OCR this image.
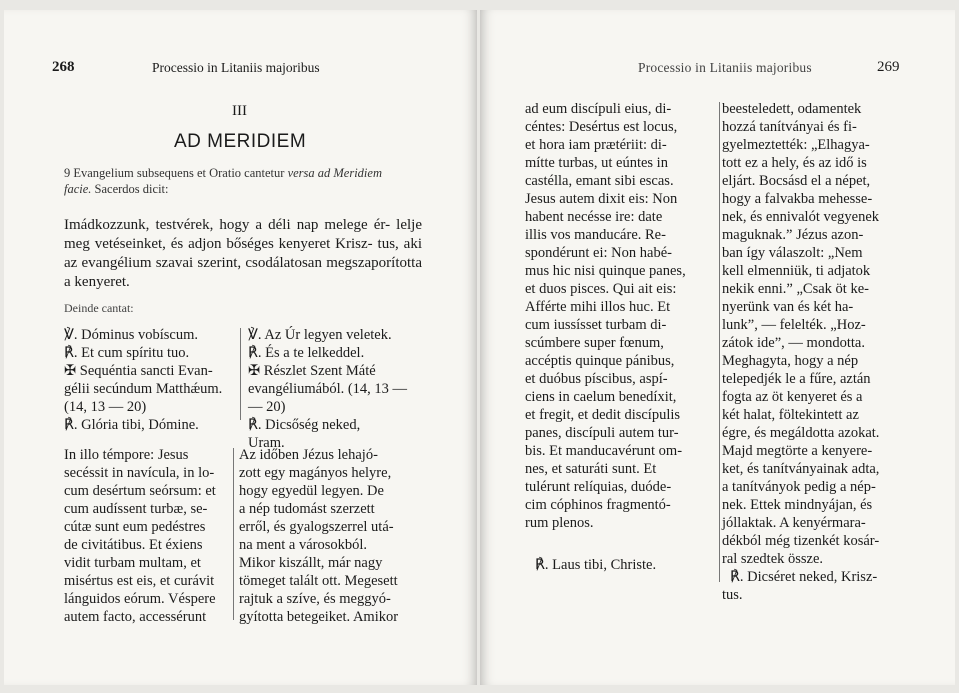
268	Processio in Litaniis majoribus
III
AD MERIDIEM
9 Evangelium subsequens et Oratio cantetur versa ad Meridiem
facie. Sacerdos dicit:
Imádkozzunk, testvérek, hogy a déli nap melege ér- lelje meg vetéseinket, és adjon bőséges kenyeret Krisz- tus, aki az evangélium szavai szerint, csodálatosan megszaporította a kenyeret.
Deinde cantat:
℣. Dóminus vobíscum.
℟. Et cum spíritu tuo.
✠ Sequéntia sancti Evan-
gélii secúndum Matthǽum.
(14, 13 — 20)
℟. Glória tibi, Dómine.
℣. Az Úr legyen veletek.
℟. És a te lelkeddel.
✠ Részlet Szent Máté
evangéliumából. (14, 13 —
— 20)
℟. Dicsőség neked,
Uram.
In illo témpore: Jesus
secéssit in navícula, in lo-
cum desértum seórsum: et
cum audíssent turbæ, se-
cútæ sunt eum pedéstres
de civitátibus. Et éxiens
vidit turbam multam, et
misértus est eis, et curávit
lánguidos eórum. Véspere
autem facto, accessérunt
Az időben Jézus lehajó-
zott egy magányos helyre,
hogy egyedül legyen. De
a nép tudomást szerzett
erről, és gyalogszerrel utá-
na ment a városokból.
Mikor kiszállt, már nagy
tömeget talált ott. Megesett
rajtuk a szíve, és meggyó-
gyította betegeiket. Amikor
Processio in Litaniis majoribus	269
ad eum discípuli eius, di-
céntes: Desértus est locus,
et hora iam prætériit: di-
míttе turbas, ut eúntes in
castélla, emant sibi escas.
Jesus autem dixit eis: Non
habent necésse ire: date
illis vos manducáre. Re-
spondérunt ei: Non habé-
mus hic nisi quinque panes,
et duos pisces. Qui ait eis:
Afférte mihi illos huc. Et
cum iussísset turbam di-
scúmbere super fœnum,
accéptis quinque pánibus,
et duóbus píscibus, aspí-
ciens in caelum benedíxit,
et fregit, et dedit discípulis
panes, discípuli autem tur-
bis. Et manducavérunt om-
nes, et saturáti sunt. Et
tulérunt relíquias, duóde-
cim cóphinos fragmentó-
rum plenos.
℟. Laus tibi, Christe.
beesteledett, odamentek
hozzá tanítványai és fi-
gyelmeztették: „Elhagya-
tott ez a hely, és az idő is
eljárt. Bocsásd el a népet,
hogy a falvakba mehesse-
nek, és ennivalót vegyenek
maguknak.” Jézus azon-
ban így válaszolt: „Nem
kell elmenniük, ti adjatok
nekik enni.” „Csak öt ke-
nyerünk van és két ha-
lunk”, — felelték. „Hoz-
zátok ide”, — mondotta.
Meghagyta, hogy a nép
telepedjék le a fűre, aztán
fogta az öt kenyeret és a
két halat, föltekintett az
égre, és megáldotta azokat.
Majd megtörte a kenyere-
ket, és tanítványainak adta,
a tanítványok pedig a nép-
nek. Ettek mindnyájan, és
jóllaktak. A kenyérmara-
dékból még tizenkét kosár-
ral szedtek össze.
℟. Dicséret neked, Krisz-
tus.
